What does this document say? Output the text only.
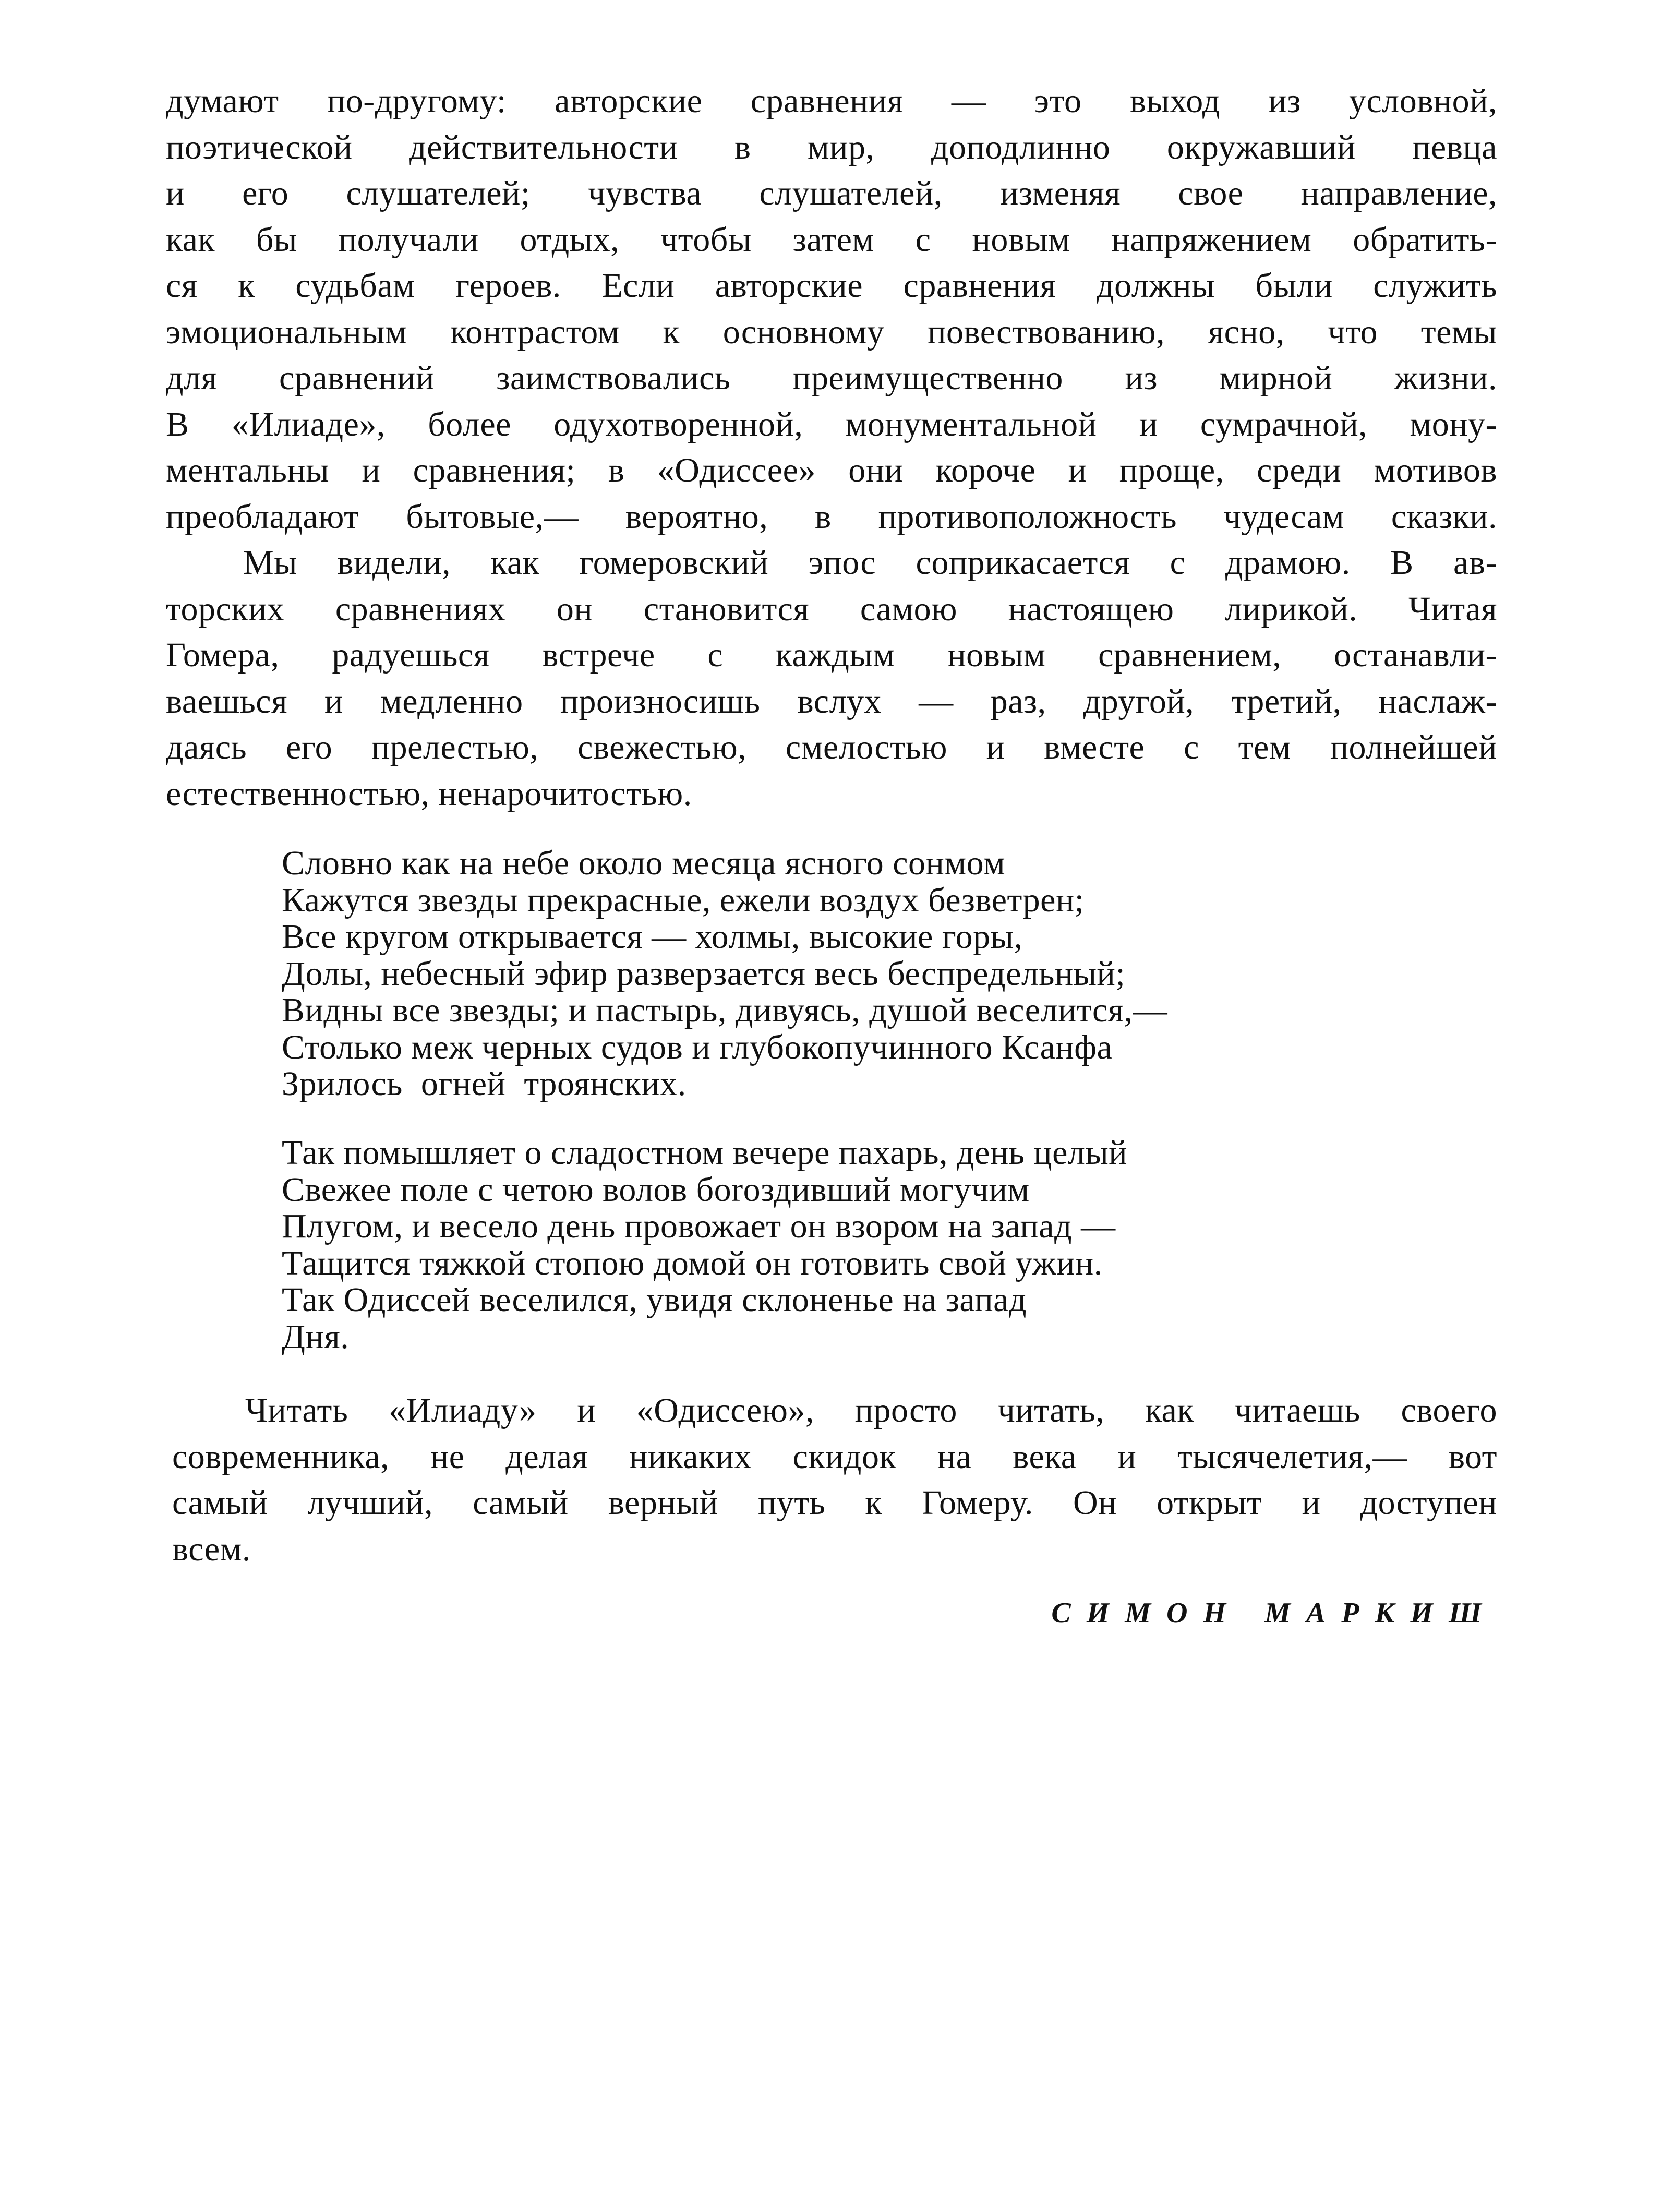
думают по-другому: авторские сравнения — это выход из условной,
поэтической действительности в мир, доподлинно окружавший певца
и его слушателей; чувства слушателей, изменяя свое направление,
как бы получали отдых, чтобы затем с новым напряжением обратить-
ся к судьбам героев. Если авторские сравнения должны были служить
эмоциональным контрастом к основному повествованию, ясно, что темы
для сравнений заимствовались преимущественно из мирной жизни.
В «Илиаде», более одухотворенной, монументальной и сумрачной, мону-
ментальны и сравнения; в «Одиссее» они короче и проще, среди мотивов
преобладают бытовые,— вероятно, в противоположность чудесам сказки.
Мы видели, как гомеровский эпос соприкасается с драмою. В ав-
торских сравнениях он становится самою настоящею лирикой. Читая
Гомера, радуешься встрече с каждым новым сравнением, останавли-
ваешься и медленно произносишь вслух — раз, другой, третий, наслаж-
даясь его прелестью, свежестью, смелостью и вместе с тем полнейшей
естественностью, ненарочитостью.
Словно как на небе около месяца ясного сонмом
Кажутся звезды прекрасные, ежели воздух безветрен;
Все кругом открывается — холмы, высокие горы,
Долы, небесный эфир разверзается весь беспредельный;
Видны все звезды; и пастырь, дивуясь, душой веселится,—
Столько меж черных судов и глубокопучинного Ксанфа
Зрилось огней троянских.
Так помышляет о сладостном вечере пахарь, день целый
Свежее поле с четою волов боroздивший могучим
Плугом, и весело день провожает он взором на запад —
Тащится тяжкой стопою домой он готовить свой ужин.
Так Одиссей веселился, увидя склоненье на запад
Дня.
Читать «Илиаду» и «Одиссею», просто читать, как читаешь своего
современника, не делая никаких скидок на века и тысячелетия,— вот
самый лучший, самый верный путь к Гомеру. Он открыт и доступен
всем.
СИМОН МАРКИШ
